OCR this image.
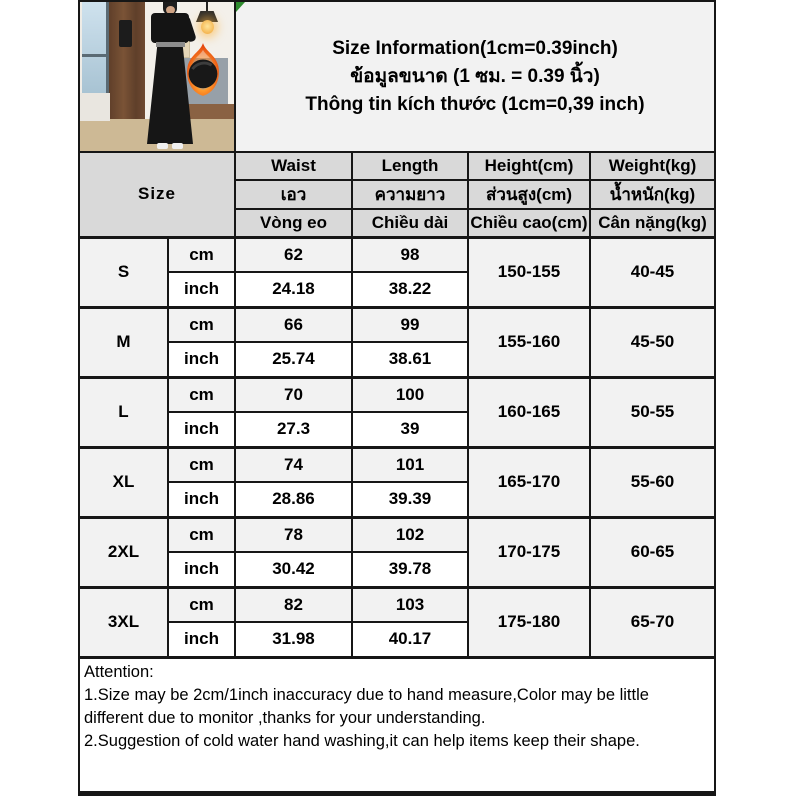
Size Information(1cm=0.39inch)
ข้อมูลขนาด (1 ซม. = 0.39 นิ้ว)
Thông tin kích thước (1cm=0,39 inch)			

Size		Waist	Length	Height(cm)	Weight(kg)
		เอว	ความยาว	ส่วนสูง(cm)	น้ำหนัก(kg)
		Vòng eo	Chiều dài	Chiều cao(cm)	Cân nặng(kg)
S	cm	62	98	150-155	40-45
	inch	24.18	38.22		
M	cm	66	99	155-160	45-50
	inch	25.74	38.61		
L	cm	70	100	160-165	50-55
	inch	27.3	39		
XL	cm	74	101	165-170	55-60
	inch	28.86	39.39		
2XL	cm	78	102	170-175	60-65
	inch	30.42	39.78		
3XL	cm	82	103	175-180	65-70
	inch	31.98	40.17		

Attention:
1.Size may be 2cm/1inch inaccuracy due to hand measure,Color may be little different due to monitor ,thanks for your understanding.
2.Suggestion of cold water hand washing,it can help items keep their shape.					
